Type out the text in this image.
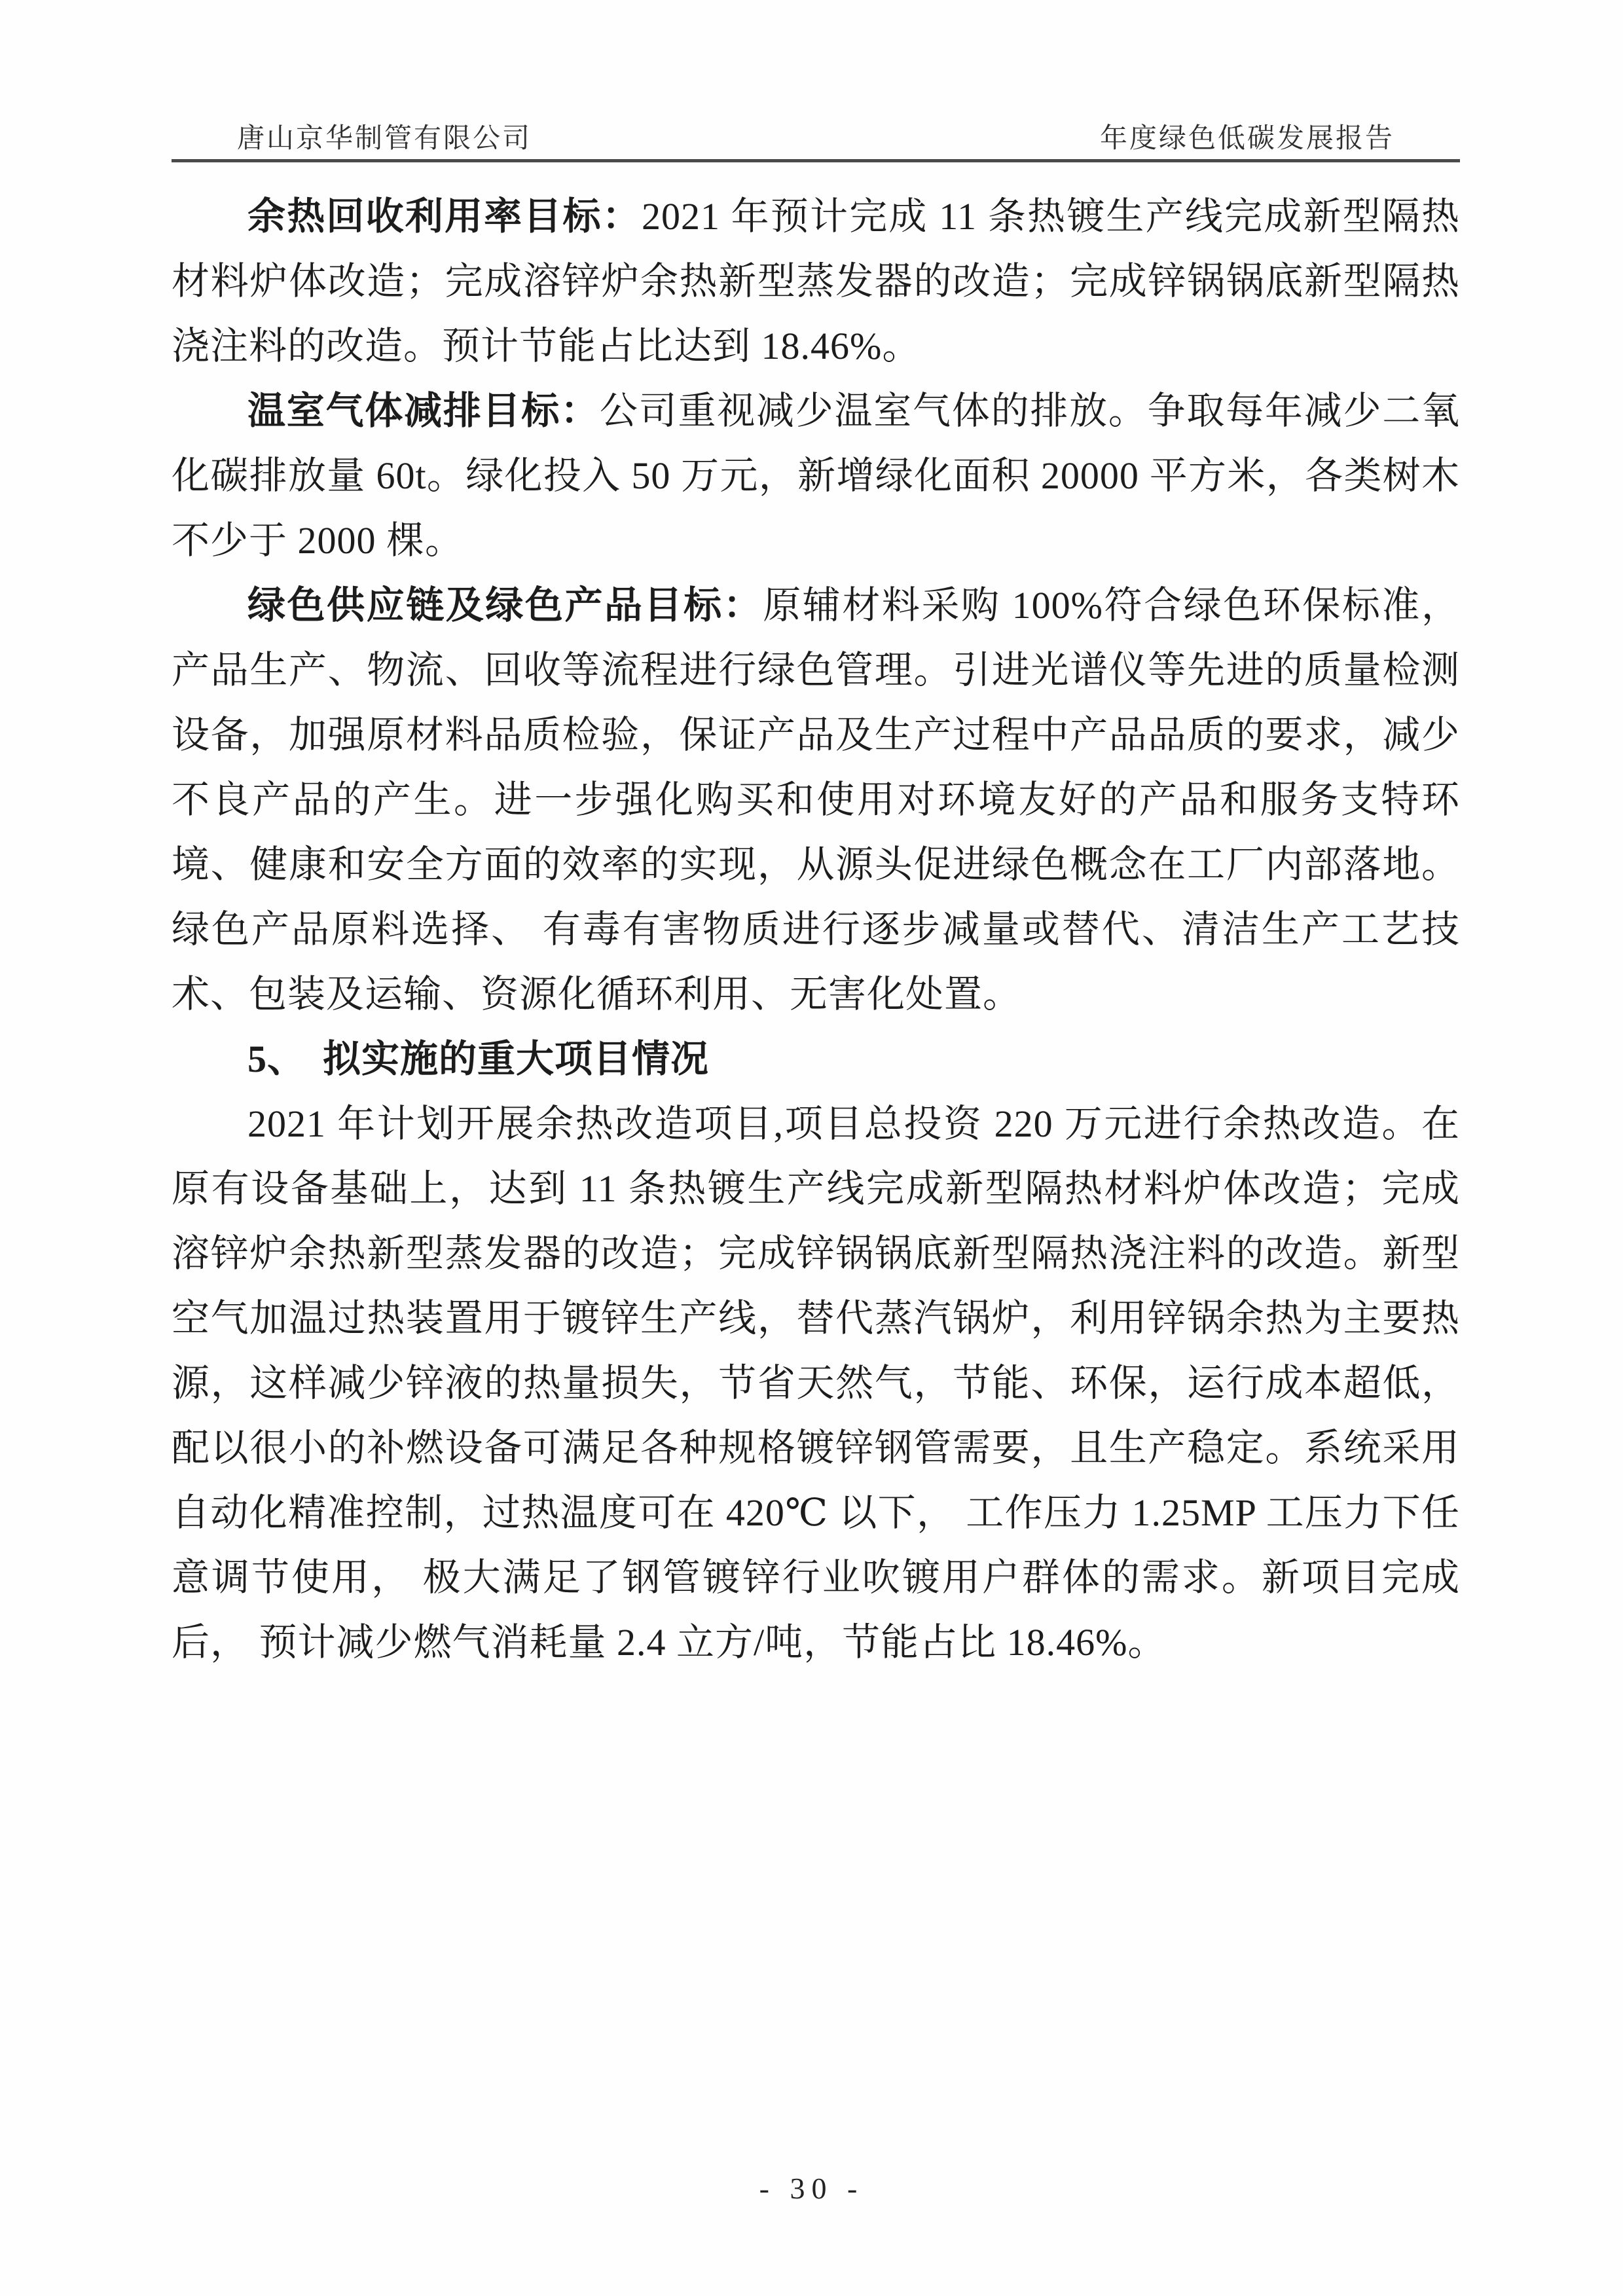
唐山京华制管有限公司	年度绿色低碳发展报告

余热回收利用率目标：2021 年预计完成 11 条热镀生产线完成新型隔热材料炉体改造；完成溶锌炉余热新型蒸发器的改造；完成锌锅锅底新型隔热浇注料的改造。预计节能占比达到 18.46%。

温室气体减排目标：公司重视减少温室气体的排放。争取每年减少二氧化碳排放量 60t。绿化投入 50 万元，新增绿化面积 20000 平方米，各类树木不少于 2000 棵。

绿色供应链及绿色产品目标：原辅材料采购 100%符合绿色环保标准，产品生产、物流、回收等流程进行绿色管理。引进光谱仪等先进的质量检测设备，加强原材料品质检验，保证产品及生产过程中产品品质的要求，减少不良产品的产生。进一步强化购买和使用对环境友好的产品和服务支特环境、健康和安全方面的效率的实现，从源头促进绿色概念在工厂内部落地。绿色产品原料选择、 有毒有害物质进行逐步减量或替代、清洁生产工艺技术、包装及运输、资源化循环利用、无害化处置。

5、 拟实施的重大项目情况

2021 年计划开展余热改造项目,项目总投资 220 万元进行余热改造。在原有设备基础上，达到 11 条热镀生产线完成新型隔热材料炉体改造；完成溶锌炉余热新型蒸发器的改造；完成锌锅锅底新型隔热浇注料的改造。新型空气加温过热装置用于镀锌生产线，替代蒸汽锅炉，利用锌锅余热为主要热源，这样减少锌液的热量损失，节省天然气，节能、环保，运行成本超低，配以很小的补燃设备可满足各种规格镀锌钢管需要，且生产稳定。系统采用自动化精准控制，过热温度可在 420℃ 以下， 工作压力 1.25MP 工压力下任意调节使用， 极大满足了钢管镀锌行业吹镀用户群体的需求。新项目完成后， 预计减少燃气消耗量 2.4 立方/吨，节能占比 18.46%。

- 30 -
